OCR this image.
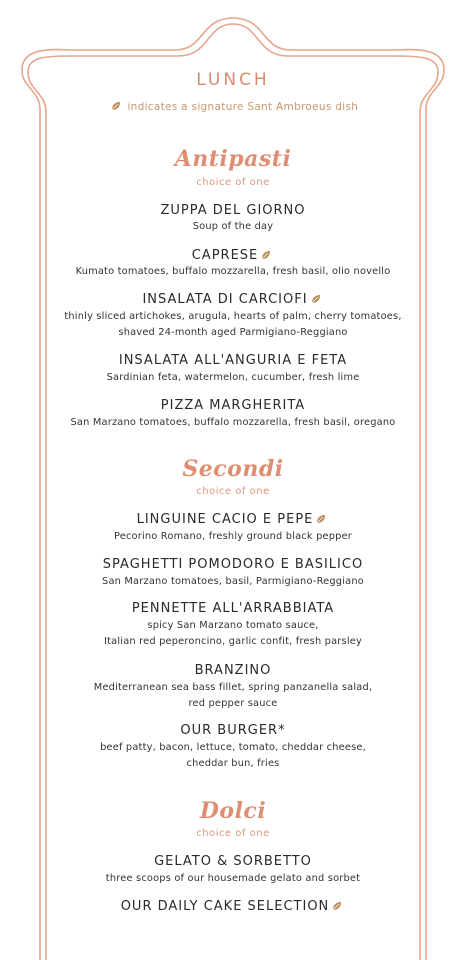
LUNCH
indicates a signature Sant Ambroeus dish
Antipasti
choice of one
ZUPPA DEL GIORNO
Soup of the day
CAPRESE
Kumato tomatoes, buffalo mozzarella, fresh basil, olio novello
INSALATA DI CARCIOFI
thinly sliced artichokes, arugula, hearts of palm, cherry tomatoes,
shaved 24-month aged Parmigiano-Reggiano
INSALATA ALL'ANGURIA E FETA
Sardinian feta, watermelon, cucumber, fresh lime
PIZZA MARGHERITA
San Marzano tomatoes, buffalo mozzarella, fresh basil, oregano
Secondi
choice of one
LINGUINE CACIO E PEPE
Pecorino Romano, freshly ground black pepper
SPAGHETTI POMODORO E BASILICO
San Marzano tomatoes, basil, Parmigiano-Reggiano
PENNETTE ALL'ARRABBIATA
spicy San Marzano tomato sauce,
Italian red peperoncino, garlic confit, fresh parsley
BRANZINO
Mediterranean sea bass fillet, spring panzanella salad,
red pepper sauce
OUR BURGER*
beef patty, bacon, lettuce, tomato, cheddar cheese,
cheddar bun, fries
Dolci
choice of one
GELATO & SORBETTO
three scoops of our housemade gelato and sorbet
OUR DAILY CAKE SELECTION
